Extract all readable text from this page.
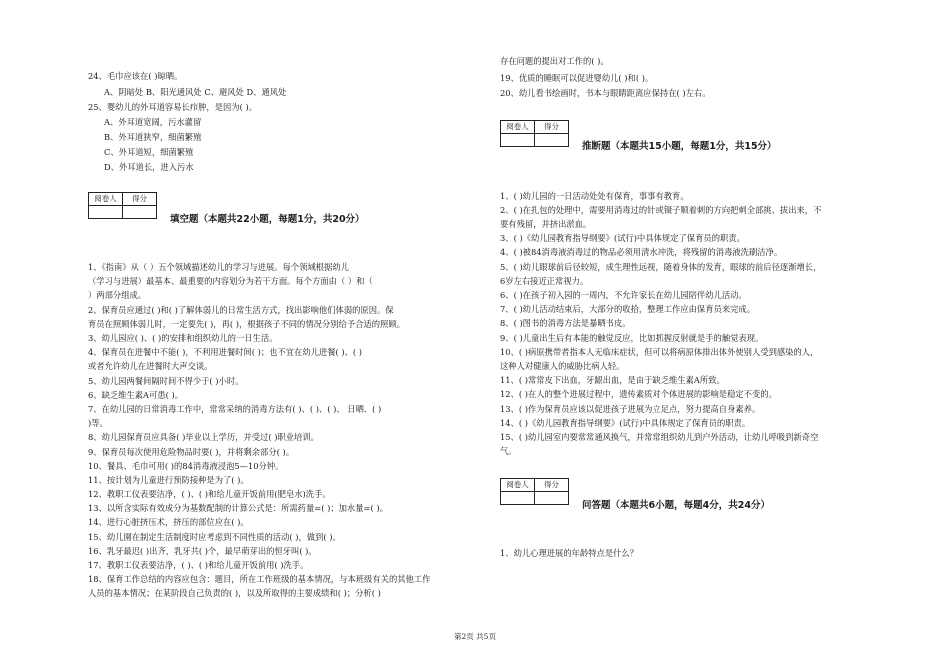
24、毛巾应该在( )晾晒。
A、阴暗处 B、阳光通风处 C、避风处 D、通风处
25、婴幼儿的外耳道容易长疖肿，是因为( )。
A、外耳道宽阔，污水灌留
B、外耳道狭窄，细菌繁殖
C、外耳道短，细菌繁殖
D、外耳道长，进入污水
阅卷人	得分

填空题（本题共22小题，每题1分，共20分）
1、《指南》从（ ）五个领域描述幼儿的学习与进展。每个领域根据幼儿
（学习与进展）最基本、最重要的内容划分为若干方面。每个方面由（ ）和（
）两部分组成。
2、保育员应通过( )和( )了解体弱儿的日常生活方式，找出影响他们体弱的原因。保
育员在照顾体弱儿时，一定要先( )，再( )，根据孩子不同的情况分别给予合适的照顾。
3、幼儿园应( )、( )的安排和组织幼儿的一日生活。
4、保育员在进餐中不能( )，不利用进餐时间( )；也不宜在幼儿进餐( )、( )
或者允许幼儿在进餐时大声交谈。
5、幼儿园两餐间隔时间不得少于( )小时。
6、缺乏维生素A可患( )。
7、在幼儿园的日常消毒工作中，常常采纳的消毒方法有( )、( )、( )、 日晒、( )
)等。
8、幼儿园保育员应具备( )毕业以上学历，并受过( )职业培训。
9、保育员每次使用危险物品时要( )，并将剩余部分( )。
10、餐具、毛巾可用( )的84消毒液浸泡5—10分钟。
11、按计划为儿童进行预防接种是为了( )。
12、教职工仪表要洁净，( )、( )和给儿童开饭前用(肥皂水)洗手。
13、以所含实际有效成分为基数配制的计算公式是：所需药量=( )；加水量=( )。
14、进行心脏挤压术，挤压的部位应在( )。
15、幼儿園在制定生活制度时应考虑到不同性质的活动( )，做到( )。
16、乳牙最迟( )出齐，乳牙共( )个，最早萌芽出的恒牙叫( )。
17、教职工仪表要洁净，( )、( )和给儿童开饭前用( )洗手。
18、保育工作总结的内容应包含：题目，所在工作班级的基本情况，与本班级有关的其他工作
人员的基本情况；在某阶段自己负责的( )，以及所取得的主要成绩和( )；分析( )
存在问题的提出对工作的( )。
19、优质的睡眠可以促进婴幼儿( )和( )。
20、幼儿看书绘画时，书本与眼睛距离应保持在( )左右。
阅卷人	得分

推断题（本题共15小题，每题1分，共15分）
1、( )幼儿园的一日活动处处有保育，事事有教育。
2、( )在扎包的处理中，需要用消毒过的针或镊子顺着刺的方向把刺全部挑、拔出来，不
要有残留，并挤出淤血。
3、( )《幼儿园教育指导纲要》(试行)中具体规定了保育员的职责。
4、( )被84消毒液消毒过的物品必须用清水冲洗，将残留的消毒液洗刷洁净。
5、( )幼儿眼球前后径较短，成生理性远视，随着身体的发育，眼球的前后径逐渐增长，
6岁左右接近正常视力。
6、( )在孩子初入园的一周内，不允许家长在幼儿园陪伴幼儿活动。
7、( )幼儿活动结束后，大部分的收拾，整理工作应由保育员来完成。
8、( )图书的消毒方法是暴晒书皮。
9、( )儿童出生后有本能的触觉反应，比如抓握反射就是手的触觉表现。
10、( )病原携带者指本人无临床症状，但可以将病原体排出体外使别人受到感染的人，
这种人对健康人的威胁比病人轻。
11、( )常常皮下出血，牙龈出血，是由于缺乏维生素A所致。
12、( )在人的整个进展过程中，遗传素质对个体进展的影响是稳定不变的。
13、( )作为保育员应该以促进孩子进展为立足点，努力提高自身素养。
14、( )《幼儿园教育指导纲要》(试行)中具体规定了保育员的职责。
15、( )幼儿园室内要常常通风换气，并常常组织幼儿到户外活动，让幼儿呼吸到新奇空
气。
阅卷人	得分

问答题（本题共6小题，每题4分，共24分）
1、幼儿心理进展的年龄特点是什么？
第2页 共5页
